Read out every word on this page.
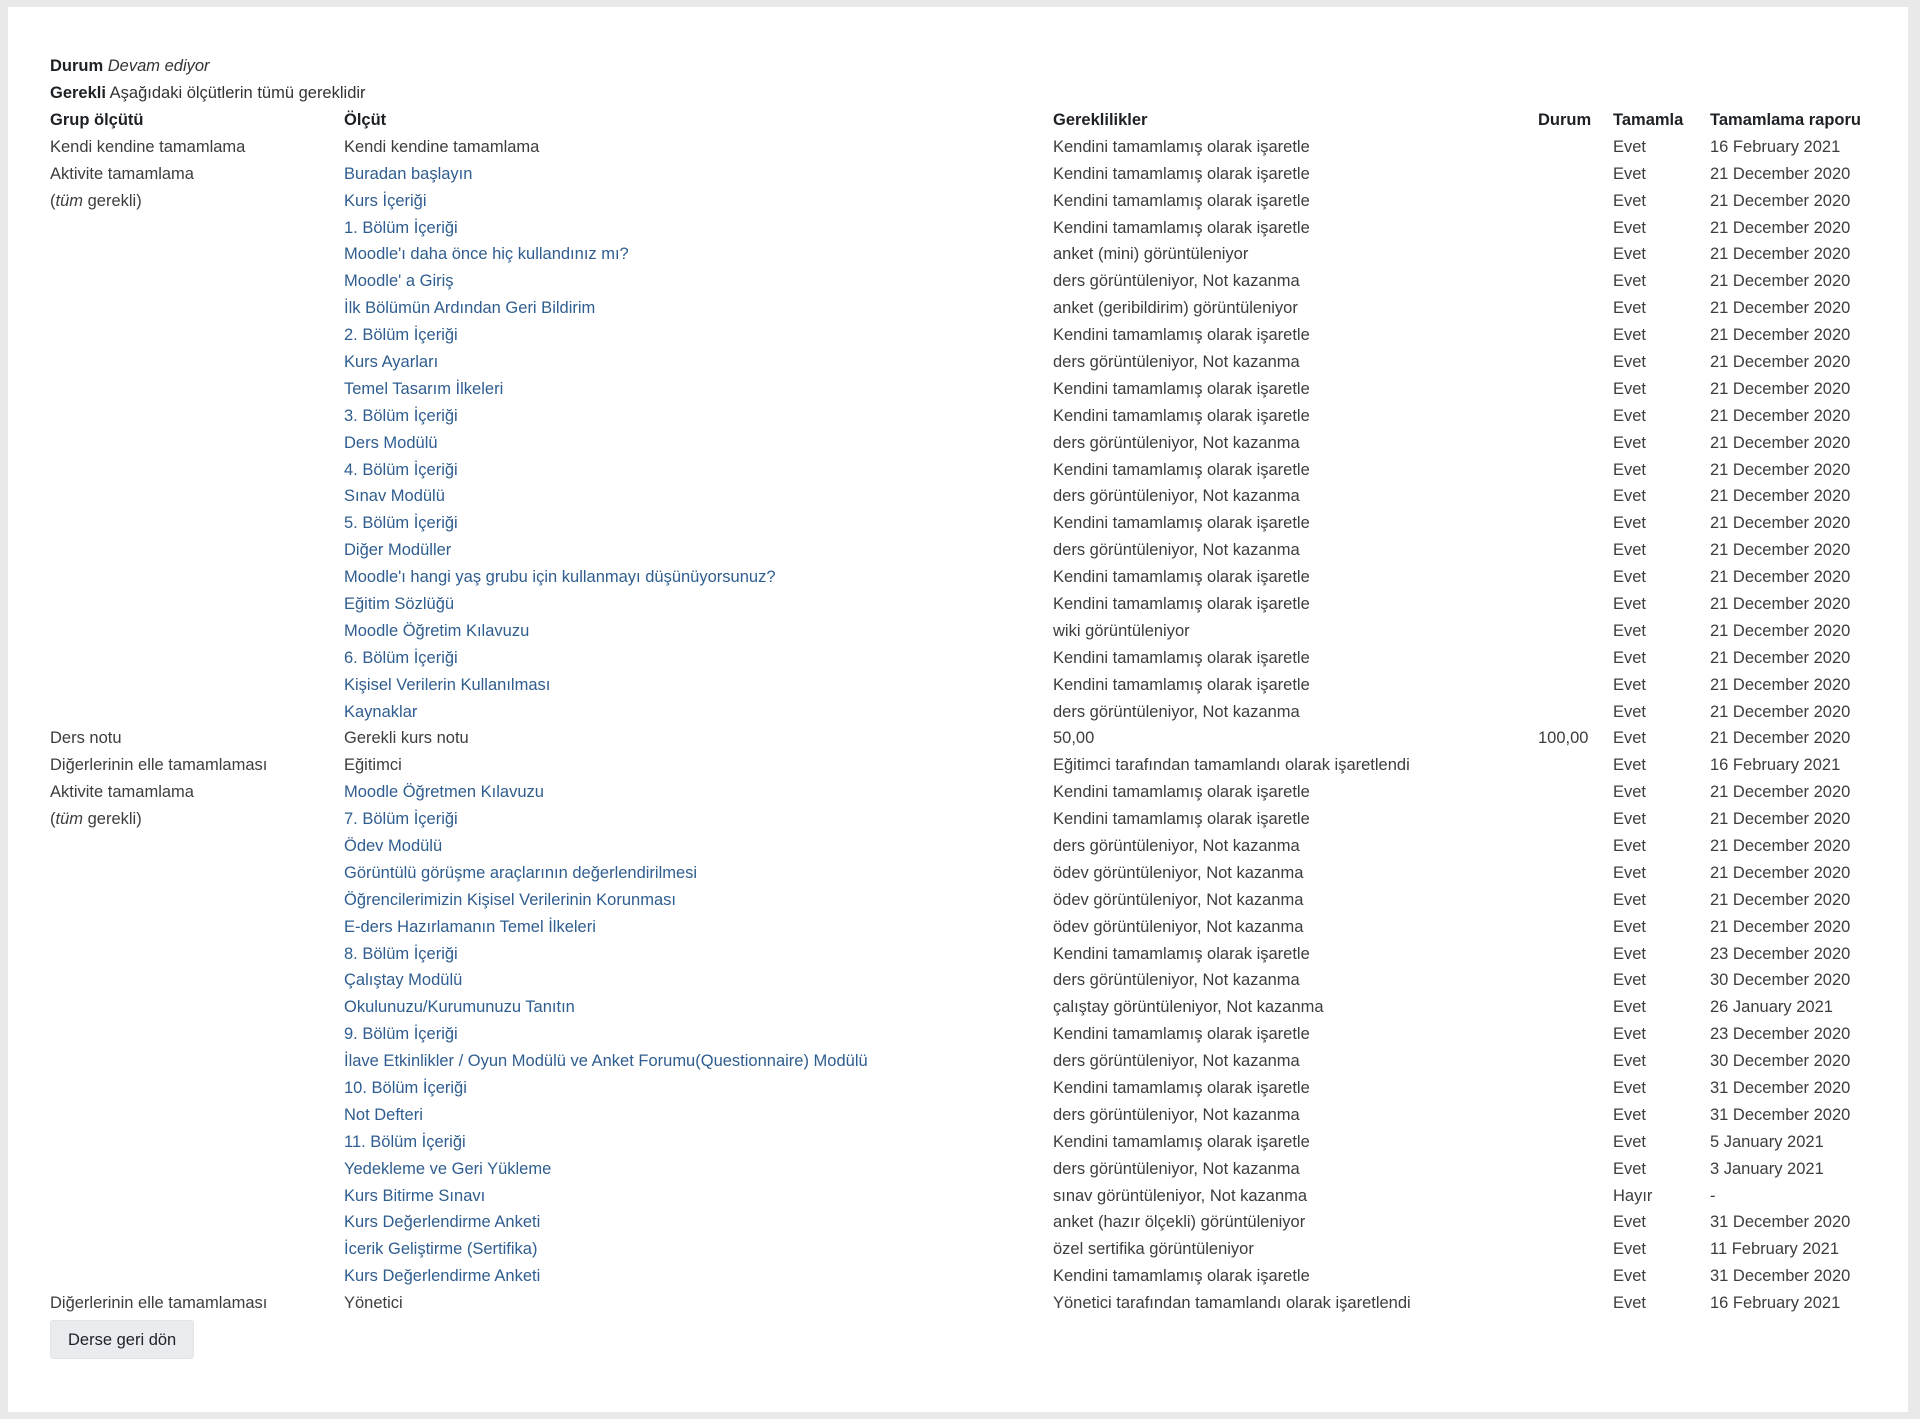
Durum Devam ediyor
Gerekli Aşağıdaki ölçütlerin tümü gereklidir
Grup ölçütü	Ölçüt	Gereklilikler	Durum	Tamamla	Tamamlama raporu
Kendi kendine tamamlama	Kendi kendine tamamlama	Kendini tamamlamış olarak işaretle		Evet	16 February 2021
Aktivite tamamlama	Buradan başlayın	Kendini tamamlamış olarak işaretle		Evet	21 December 2020
(tüm gerekli)	Kurs İçeriği	Kendini tamamlamış olarak işaretle		Evet	21 December 2020
	1. Bölüm İçeriği	Kendini tamamlamış olarak işaretle		Evet	21 December 2020
	Moodle'ı daha önce hiç kullandınız mı?	anket (mini) görüntüleniyor		Evet	21 December 2020
	Moodle' a Giriş	ders görüntüleniyor, Not kazanma		Evet	21 December 2020
	İlk Bölümün Ardından Geri Bildirim	anket (geribildirim) görüntüleniyor		Evet	21 December 2020
	2. Bölüm İçeriği	Kendini tamamlamış olarak işaretle		Evet	21 December 2020
	Kurs Ayarları	ders görüntüleniyor, Not kazanma		Evet	21 December 2020
	Temel Tasarım İlkeleri	Kendini tamamlamış olarak işaretle		Evet	21 December 2020
	3. Bölüm İçeriği	Kendini tamamlamış olarak işaretle		Evet	21 December 2020
	Ders Modülü	ders görüntüleniyor, Not kazanma		Evet	21 December 2020
	4. Bölüm İçeriği	Kendini tamamlamış olarak işaretle		Evet	21 December 2020
	Sınav Modülü	ders görüntüleniyor, Not kazanma		Evet	21 December 2020
	5. Bölüm İçeriği	Kendini tamamlamış olarak işaretle		Evet	21 December 2020
	Diğer Modüller	ders görüntüleniyor, Not kazanma		Evet	21 December 2020
	Moodle'ı hangi yaş grubu için kullanmayı düşünüyorsunuz?	Kendini tamamlamış olarak işaretle		Evet	21 December 2020
	Eğitim Sözlüğü	Kendini tamamlamış olarak işaretle		Evet	21 December 2020
	Moodle Öğretim Kılavuzu	wiki görüntüleniyor		Evet	21 December 2020
	6. Bölüm İçeriği	Kendini tamamlamış olarak işaretle		Evet	21 December 2020
	Kişisel Verilerin Kullanılması	Kendini tamamlamış olarak işaretle		Evet	21 December 2020
	Kaynaklar	ders görüntüleniyor, Not kazanma		Evet	21 December 2020
Ders notu	Gerekli kurs notu	50,00	100,00	Evet	21 December 2020
Diğerlerinin elle tamamlaması	Eğitimci	Eğitimci tarafından tamamlandı olarak işaretlendi		Evet	16 February 2021
Aktivite tamamlama	Moodle Öğretmen Kılavuzu	Kendini tamamlamış olarak işaretle		Evet	21 December 2020
(tüm gerekli)	7. Bölüm İçeriği	Kendini tamamlamış olarak işaretle		Evet	21 December 2020
	Ödev Modülü	ders görüntüleniyor, Not kazanma		Evet	21 December 2020
	Görüntülü görüşme araçlarının değerlendirilmesi	ödev görüntüleniyor, Not kazanma		Evet	21 December 2020
	Öğrencilerimizin Kişisel Verilerinin Korunması	ödev görüntüleniyor, Not kazanma		Evet	21 December 2020
	E-ders Hazırlamanın Temel İlkeleri	ödev görüntüleniyor, Not kazanma		Evet	21 December 2020
	8. Bölüm İçeriği	Kendini tamamlamış olarak işaretle		Evet	23 December 2020
	Çalıştay Modülü	ders görüntüleniyor, Not kazanma		Evet	30 December 2020
	Okulunuzu/Kurumunuzu Tanıtın	çalıştay görüntüleniyor, Not kazanma		Evet	26 January 2021
	9. Bölüm İçeriği	Kendini tamamlamış olarak işaretle		Evet	23 December 2020
	İlave Etkinlikler / Oyun Modülü ve Anket Forumu(Questionnaire) Modülü	ders görüntüleniyor, Not kazanma		Evet	30 December 2020
	10. Bölüm İçeriği	Kendini tamamlamış olarak işaretle		Evet	31 December 2020
	Not Defteri	ders görüntüleniyor, Not kazanma		Evet	31 December 2020
	11. Bölüm İçeriği	Kendini tamamlamış olarak işaretle		Evet	5 January 2021
	Yedekleme ve Geri Yükleme	ders görüntüleniyor, Not kazanma		Evet	3 January 2021
	Kurs Bitirme Sınavı	sınav görüntüleniyor, Not kazanma		Hayır	-
	Kurs Değerlendirme Anketi	anket (hazır ölçekli) görüntüleniyor		Evet	31 December 2020
	İcerik Geliştirme (Sertifika)	özel sertifika görüntüleniyor		Evet	11 February 2021
	Kurs Değerlendirme Anketi	Kendini tamamlamış olarak işaretle		Evet	31 December 2020
Diğerlerinin elle tamamlaması	Yönetici	Yönetici tarafından tamamlandı olarak işaretlendi		Evet	16 February 2021
Derse geri dön
